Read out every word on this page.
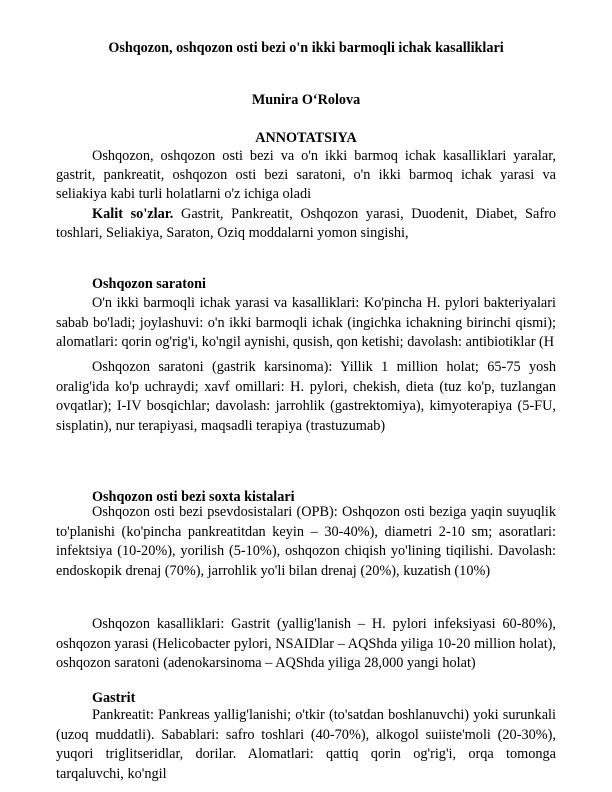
Oshqozon, oshqozon osti bezi o'n ikki barmoqli ichak kasalliklari

Munira O‘Rolova

ANNOTATSIYA

Oshqozon, oshqozon osti bezi va o'n ikki barmoq ichak kasalliklari yaralar, gastrit, pankreatit, oshqozon osti bezi saratoni, o'n ikki barmoq ichak yarasi va seliakiya kabi turli holatlarni o'z ichiga oladi

Kalit so'zlar. Gastrit, Pankreatit, Oshqozon yarasi, Duodenit, Diabet, Safro toshlari, Seliakiya, Saraton, Oziq moddalarni yomon singishi,

Oshqozon saratoni

O'n ikki barmoqli ichak yarasi va kasalliklari: Ko'pincha H. pylori bakteriyalari sabab bo'ladi; joylashuvi: o'n ikki barmoqli ichak (ingichka ichakning birinchi qismi); alomatlari: qorin og'rig'i, ko'ngil aynishi, qusish, qon ketishi; davolash: antibiotiklar (H

Oshqozon saratoni (gastrik karsinoma): Yillik 1 million holat; 65-75 yosh oralig'ida ko'p uchraydi; xavf omillari: H. pylori, chekish, dieta (tuz ko'p, tuzlangan ovqatlar); I-IV bosqichlar; davolash: jarrohlik (gastrektomiya), kimyoterapiya (5-FU, sisplatin), nur terapiyasi, maqsadli terapiya (trastuzumab)

Oshqozon osti bezi soxta kistalari

Oshqozon osti bezi psevdosistalari (OPB): Oshqozon osti beziga yaqin suyuqlik to'planishi (ko'pincha pankreatitdan keyin – 30-40%), diametri 2-10 sm; asoratlari: infektsiya (10-20%), yorilish (5-10%), oshqozon chiqish yo'lining tiqilishi. Davolash: endoskopik drenaj (70%), jarrohlik yo'li bilan drenaj (20%), kuzatish (10%)

Oshqozon kasalliklari: Gastrit (yallig'lanish – H. pylori infeksiyasi 60-80%), oshqozon yarasi (Helicobacter pylori, NSAIDlar – AQShda yiliga 10-20 million holat), oshqozon saratoni (adenokarsinoma – AQShda yiliga 28,000 yangi holat)

Gastrit

Pankreatit: Pankreas yallig'lanishi; o'tkir (to'satdan boshlanuvchi) yoki surunkali (uzoq muddatli). Sabablari: safro toshlari (40-70%), alkogol suiiste'moli (20-30%), yuqori triglitseridlar, dorilar. Alomatlari: qattiq qorin og'rig'i, orqa tomonga tarqaluvchi, ko'ngil
